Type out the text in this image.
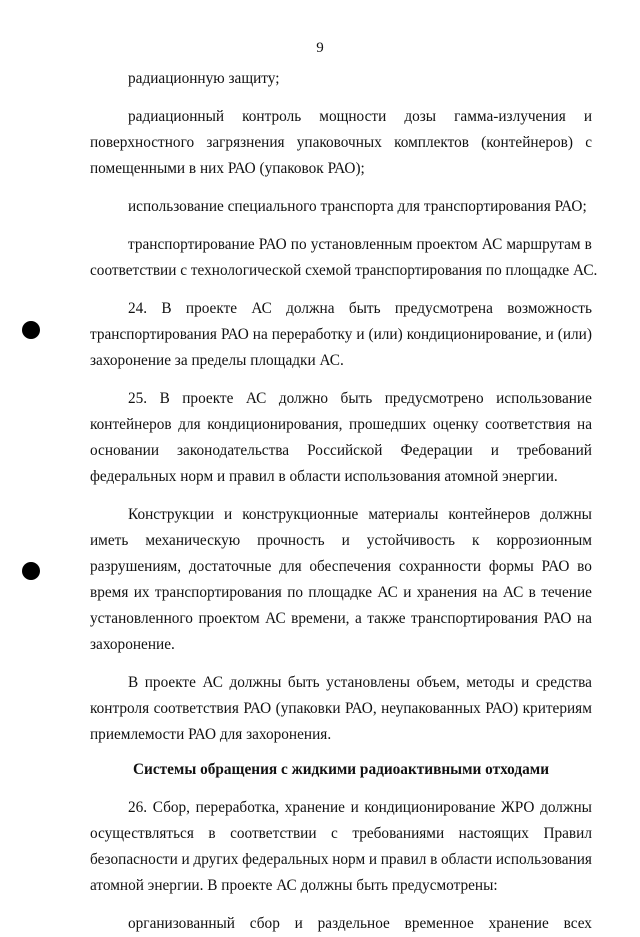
9
радиационную защиту;
радиационный контроль мощности дозы гамма-излучения и
поверхностного загрязнения упаковочных комплектов (контейнеров) с
помещенными в них РАО (упаковок РАО);
использование специального транспорта для транспортирования РАО;
транспортирование РАО по установленным проектом АС маршрутам в
соответствии с технологической схемой транспортирования по площадке АС.
24. В проекте АС должна быть предусмотрена возможность
транспортирования РАО на переработку и (или) кондиционирование, и (или)
захоронение за пределы площадки АС.
25. В проекте АС должно быть предусмотрено использование
контейнеров для кондиционирования, прошедших оценку соответствия на
основании законодательства Российской Федерации и требований
федеральных норм и правил в области использования атомной энергии.
Конструкции и конструкционные материалы контейнеров должны
иметь механическую прочность и устойчивость к коррозионным
разрушениям, достаточные для обеспечения сохранности формы РАО во
время их транспортирования по площадке АС и хранения на АС в течение
установленного проектом АС времени, а также транспортирования РАО на
захоронение.
В проекте АС должны быть установлены объем, методы и средства
контроля соответствия РАО (упаковки РАО, неупакованных РАО) критериям
приемлемости РАО для захоронения.
Системы обращения с жидкими радиоактивными отходами
26. Сбор, переработка, хранение и кондиционирование ЖРО должны
осуществляться в соответствии с требованиями настоящих Правил
безопасности и других федеральных норм и правил в области использования
атомной энергии. В проекте АС должны быть предусмотрены:
организованный сбор и раздельное временное хранение всех
